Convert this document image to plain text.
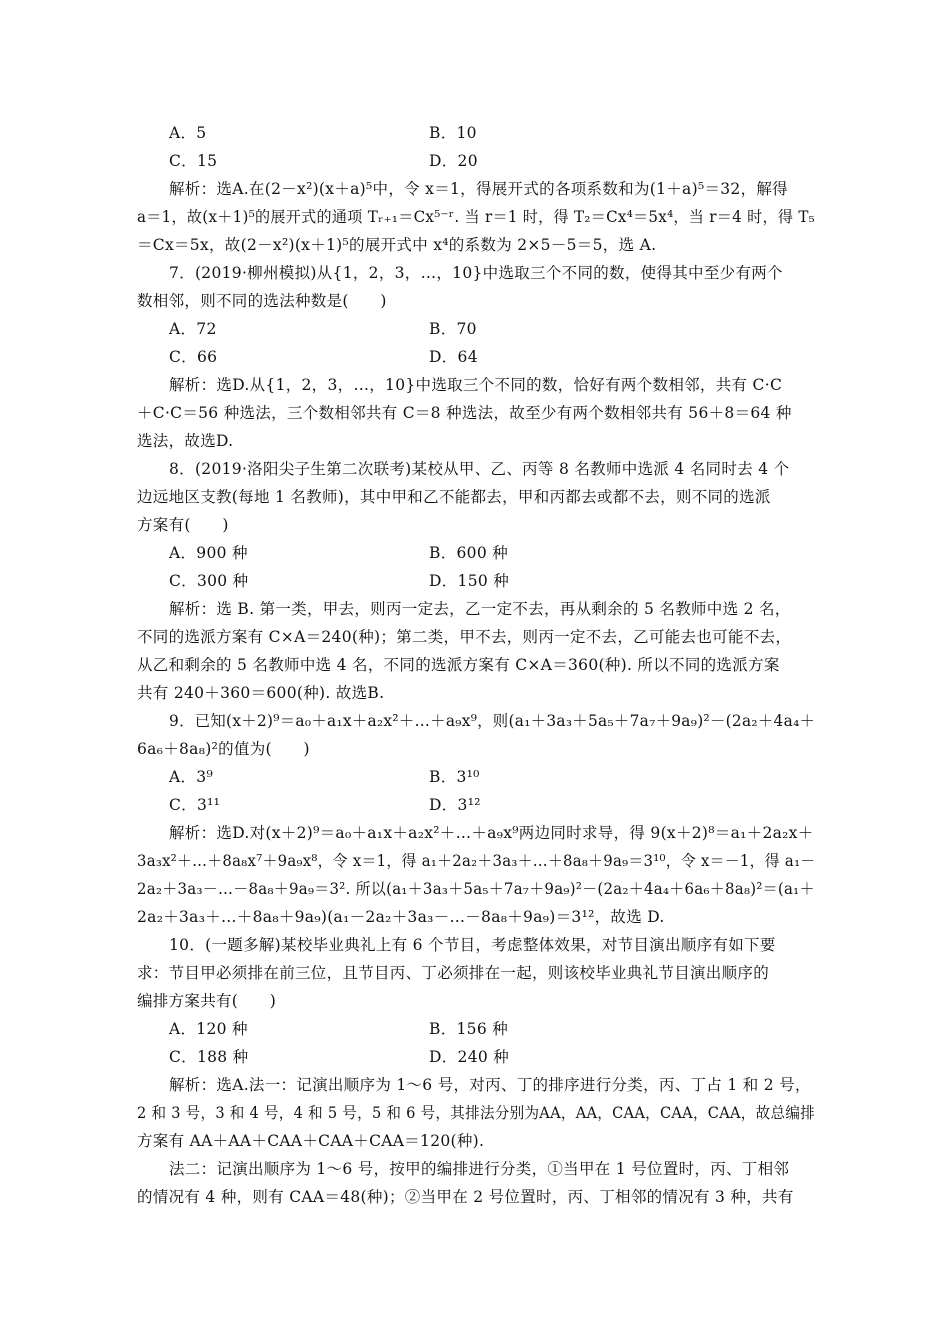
A．5	B．10
C．15	D．20
解析：选A.在(2－x²)(x＋a)⁵中，令 x＝1，得展开式的各项系数和为(1＋a)⁵＝32，解得
a＝1，故(x＋1)⁵的展开式的通项 Tᵣ₊₁＝Cx⁵⁻ʳ. 当 r＝1 时，得 T₂＝Cx⁴＝5x⁴，当 r＝4 时，得 T₅
＝Cx＝5x，故(2－x²)(x＋1)⁵的展开式中 x⁴的系数为 2×5－5＝5，选 A.
7．(2019·柳州模拟)从{1，2，3，…，10}中选取三个不同的数，使得其中至少有两个
数相邻，则不同的选法种数是(　　)
A．72	B．70
C．66	D．64
解析：选D.从{1，2，3，…，10}中选取三个不同的数，恰好有两个数相邻，共有 C·C
＋C·C＝56 种选法，三个数相邻共有 C＝8 种选法，故至少有两个数相邻共有 56＋8＝64 种
选法，故选D.
8．(2019·洛阳尖子生第二次联考)某校从甲、乙、丙等 8 名教师中选派 4 名同时去 4 个
边远地区支教(每地 1 名教师)，其中甲和乙不能都去，甲和丙都去或都不去，则不同的选派
方案有(　　)
A．900 种	B．600 种
C．300 种	D．150 种
解析：选 B. 第一类，甲去，则丙一定去，乙一定不去，再从剩余的 5 名教师中选 2 名，
不同的选派方案有 C×A＝240(种)；第二类，甲不去，则丙一定不去，乙可能去也可能不去，
从乙和剩余的 5 名教师中选 4 名，不同的选派方案有 C×A＝360(种). 所以不同的选派方案
共有 240＋360＝600(种). 故选B.
9．已知(x＋2)⁹＝a₀＋a₁x＋a₂x²＋…＋a₉x⁹，则(a₁＋3a₃＋5a₅＋7a₇＋9a₉)²－(2a₂＋4a₄＋
6a₆＋8a₈)²的值为(　　)
A．3⁹	B．3¹⁰
C．3¹¹	D．3¹²
解析：选D.对(x＋2)⁹＝a₀＋a₁x＋a₂x²＋…＋a₉x⁹两边同时求导，得 9(x＋2)⁸＝a₁＋2a₂x＋
3a₃x²＋…＋8a₈x⁷＋9a₉x⁸，令 x＝1，得 a₁＋2a₂＋3a₃＋…＋8a₈＋9a₉＝3¹⁰，令 x＝－1，得 a₁－
2a₂＋3a₃－…－8a₈＋9a₉＝3². 所以(a₁＋3a₃＋5a₅＋7a₇＋9a₉)²－(2a₂＋4a₄＋6a₆＋8a₈)²＝(a₁＋
2a₂＋3a₃＋…＋8a₈＋9a₉)(a₁－2a₂＋3a₃－…－8a₈＋9a₉)＝3¹²，故选 D.
10．(一题多解)某校毕业典礼上有 6 个节目，考虑整体效果，对节目演出顺序有如下要
求：节目甲必须排在前三位，且节目丙、丁必须排在一起，则该校毕业典礼节目演出顺序的
编排方案共有(　　)
A．120 种	B．156 种
C．188 种	D．240 种
解析：选A.法一：记演出顺序为 1～6 号，对丙、丁的排序进行分类，丙、丁占 1 和 2 号，
2 和 3 号，3 和 4 号，4 和 5 号，5 和 6 号，其排法分别为AA，AA，CAA，CAA，CAA，故总编排
方案有 AA＋AA＋CAA＋CAA＋CAA＝120(种).
法二：记演出顺序为 1～6 号，按甲的编排进行分类，①当甲在 1 号位置时，丙、丁相邻
的情况有 4 种，则有 CAA＝48(种)；②当甲在 2 号位置时，丙、丁相邻的情况有 3 种，共有
